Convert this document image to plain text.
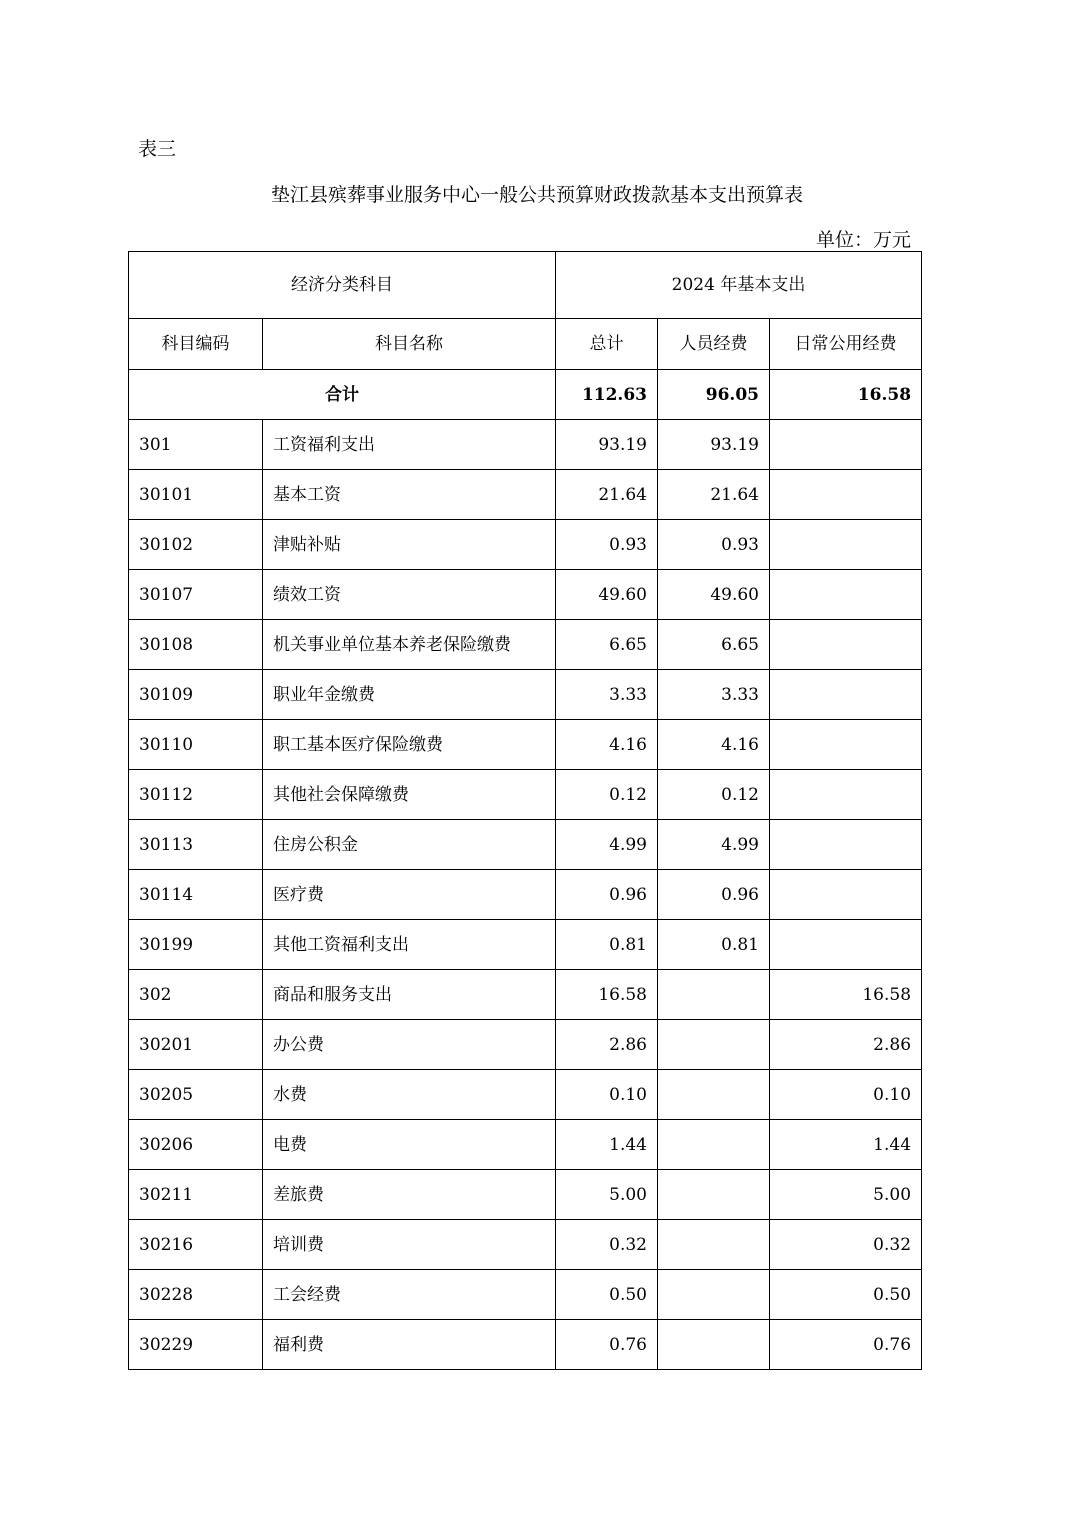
表三
垫江县殡葬事业服务中心一般公共预算财政拨款基本支出预算表
单位：万元
经济分类科目		2024 年基本支出		
科目编码	科目名称	总计	人员经费	日常公用经费
合计		112.63	96.05	16.58
301	工资福利支出	93.19	93.19	
30101	基本工资	21.64	21.64	
30102	津贴补贴	0.93	0.93	
30107	绩效工资	49.60	49.60	
30108	机关事业单位基本养老保险缴费	6.65	6.65	
30109	职业年金缴费	3.33	3.33	
30110	职工基本医疗保险缴费	4.16	4.16	
30112	其他社会保障缴费	0.12	0.12	
30113	住房公积金	4.99	4.99	
30114	医疗费	0.96	0.96	
30199	其他工资福利支出	0.81	0.81	
302	商品和服务支出	16.58		16.58
30201	办公费	2.86		2.86
30205	水费	0.10		0.10
30206	电费	1.44		1.44
30211	差旅费	5.00		5.00
30216	培训费	0.32		0.32
30228	工会经费	0.50		0.50
30229	福利费	0.76		0.76
